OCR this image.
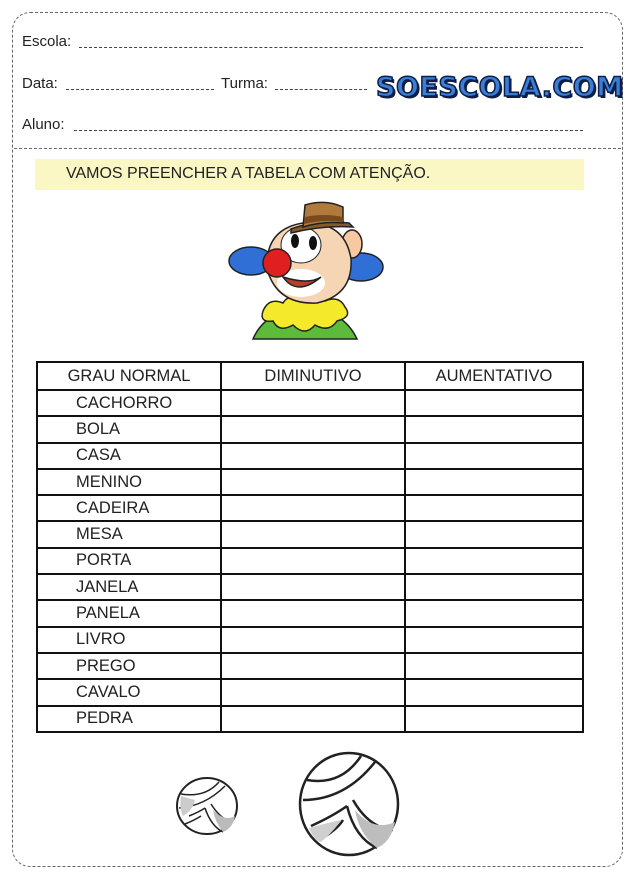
Escola:
Data:	Turma:	SOESCOLA.COM
Aluno:
VAMOS PREENCHER A TABELA COM ATENÇÃO.
GRAU NORMAL	DIMINUTIVO	AUMENTATIVO
CACHORRO		
BOLA		
CASA		
MENINO		
CADEIRA		
MESA		
PORTA		
JANELA		
PANELA		
LIVRO		
PREGO		
CAVALO		
PEDRA		
